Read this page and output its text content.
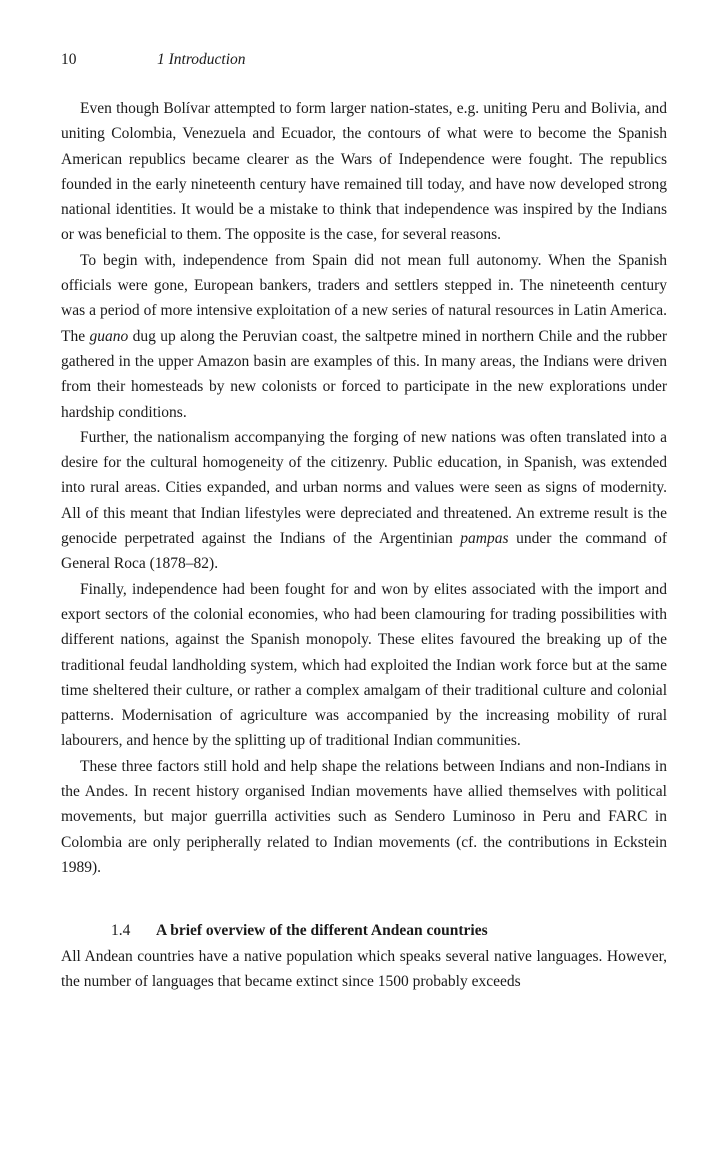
10	1 Introduction

Even though Bolívar attempted to form larger nation-states, e.g. uniting Peru and Bolivia, and uniting Colombia, Venezuela and Ecuador, the contours of what were to become the Spanish American republics became clearer as the Wars of Independence were fought. The republics founded in the early nineteenth century have remained till today, and have now developed strong national identities. It would be a mistake to think that independence was inspired by the Indians or was beneficial to them. The opposite is the case, for several reasons.

To begin with, independence from Spain did not mean full autonomy. When the Spanish officials were gone, European bankers, traders and settlers stepped in. The nineteenth century was a period of more intensive exploitation of a new series of natural resources in Latin America. The guano dug up along the Peruvian coast, the saltpetre mined in northern Chile and the rubber gathered in the upper Amazon basin are examples of this. In many areas, the Indians were driven from their homesteads by new colonists or forced to participate in the new explorations under hardship conditions.

Further, the nationalism accompanying the forging of new nations was often translated into a desire for the cultural homogeneity of the citizenry. Public education, in Spanish, was extended into rural areas. Cities expanded, and urban norms and values were seen as signs of modernity. All of this meant that Indian lifestyles were depreciated and threatened. An extreme result is the genocide perpetrated against the Indians of the Argentinian pampas under the command of General Roca (1878–82).

Finally, independence had been fought for and won by elites associated with the import and export sectors of the colonial economies, who had been clamouring for trading possibilities with different nations, against the Spanish monopoly. These elites favoured the breaking up of the traditional feudal landholding system, which had exploited the Indian work force but at the same time sheltered their culture, or rather a complex amalgam of their traditional culture and colonial patterns. Modernisation of agriculture was accompanied by the increasing mobility of rural labourers, and hence by the splitting up of traditional Indian communities.

These three factors still hold and help shape the relations between Indians and non-Indians in the Andes. In recent history organised Indian movements have allied themselves with political movements, but major guerrilla activities such as Sendero Luminoso in Peru and FARC in Colombia are only peripherally related to Indian movements (cf. the contributions in Eckstein 1989).

1.4 A brief overview of the different Andean countries

All Andean countries have a native population which speaks several native languages. However, the number of languages that became extinct since 1500 probably exceeds
